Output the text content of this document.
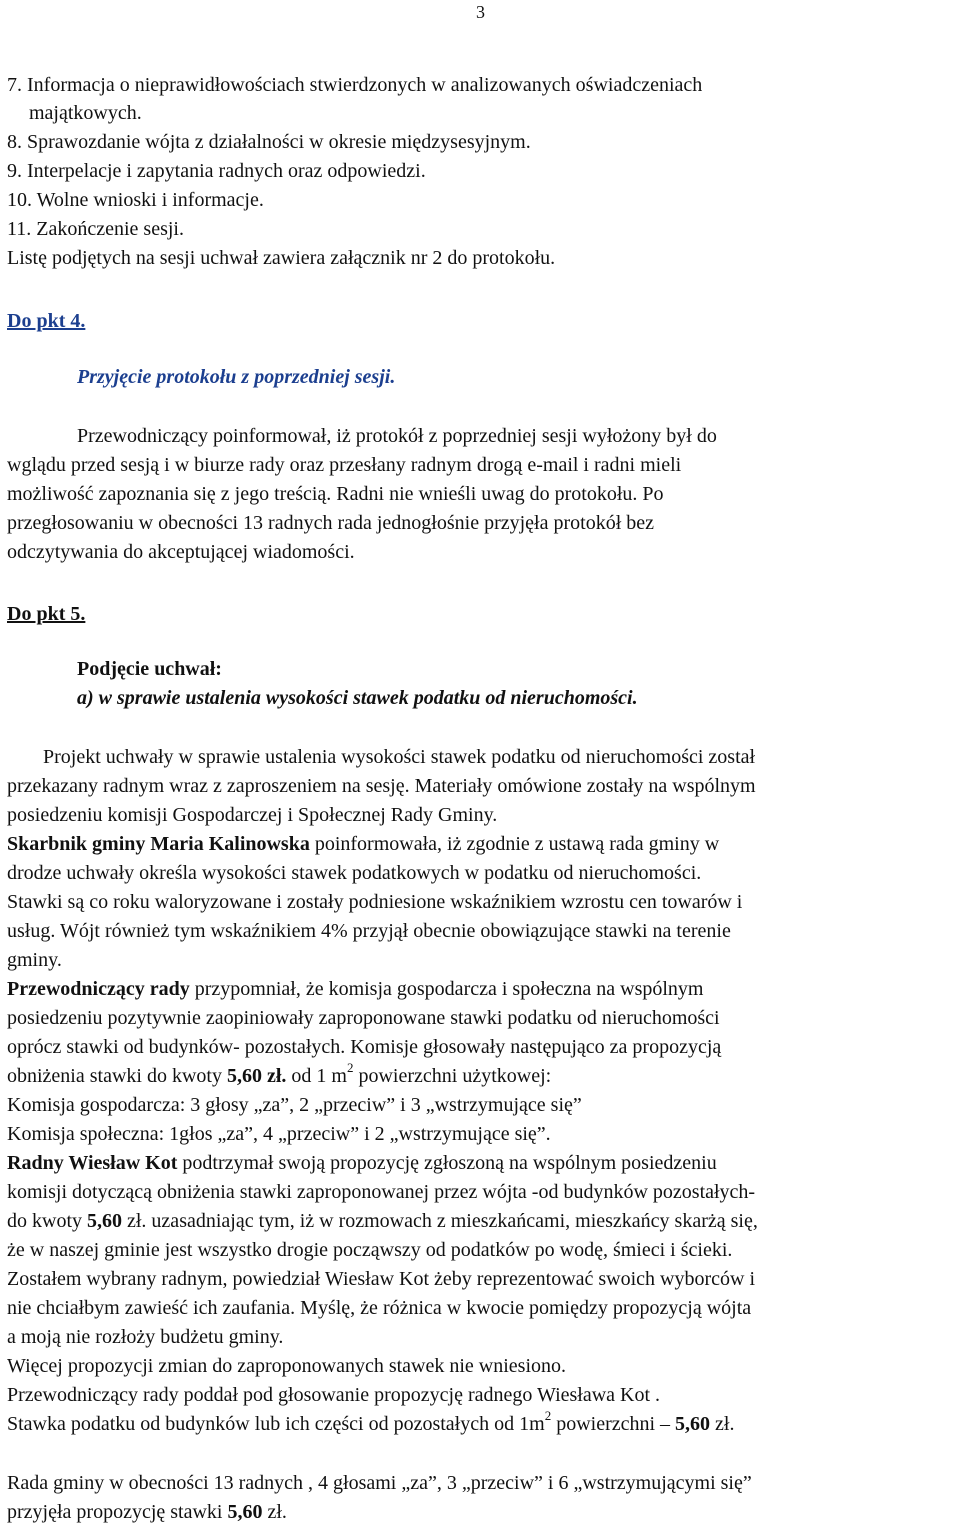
3
7. Informacja o nieprawidłowościach stwierdzonych w analizowanych oświadczeniach
majątkowych.
8. Sprawozdanie wójta z działalności w okresie międzysesyjnym.
9. Interpelacje i zapytania radnych oraz odpowiedzi.
10. Wolne wnioski i informacje.
11. Zakończenie sesji.
Listę podjętych na sesji uchwał zawiera załącznik nr 2 do protokołu.
Do pkt 4.
Przyjęcie protokołu z poprzedniej sesji.
Przewodniczący poinformował, iż protokół z poprzedniej sesji wyłożony był do
wglądu przed sesją i w biurze rady oraz przesłany radnym drogą e-mail i radni mieli
możliwość zapoznania się z jego treścią. Radni nie wnieśli uwag do protokołu. Po
przegłosowaniu w obecności 13 radnych rada jednogłośnie przyjęła protokół bez
odczytywania do akceptującej wiadomości.
Do pkt 5.
Podjęcie uchwał:
a) w sprawie ustalenia wysokości stawek podatku od nieruchomości.
Projekt uchwały w sprawie ustalenia wysokości stawek podatku od nieruchomości został
przekazany radnym wraz z zaproszeniem na sesję. Materiały omówione zostały na wspólnym
posiedzeniu komisji Gospodarczej i Społecznej Rady Gminy.
Skarbnik gminy Maria Kalinowska poinformowała, iż zgodnie z ustawą rada gminy w
drodze uchwały określa wysokości stawek podatkowych w podatku od nieruchomości.
Stawki są co roku waloryzowane i zostały podniesione wskaźnikiem wzrostu cen towarów i
usług. Wójt również tym wskaźnikiem 4% przyjął obecnie obowiązujące stawki na terenie
gminy.
Przewodniczący rady przypomniał, że komisja gospodarcza i społeczna na wspólnym
posiedzeniu pozytywnie zaopiniowały zaproponowane stawki podatku od nieruchomości
oprócz stawki od budynków- pozostałych. Komisje głosowały następująco za propozycją
obniżenia stawki do kwoty 5,60 zł. od 1 $m^2$ powierzchni użytkowej:
Komisja gospodarcza: 3 głosy „za”, 2 „przeciw” i 3 „wstrzymujące się”
Komisja społeczna: 1głos „za”, 4 „przeciw” i 2 „wstrzymujące się”.
Radny Wiesław Kot podtrzymał swoją propozycję zgłoszoną na wspólnym posiedzeniu
komisji dotyczącą obniżenia stawki zaproponowanej przez wójta -od budynków pozostałych-
do kwoty 5,60 zł. uzasadniając tym, iż w rozmowach z mieszkańcami, mieszkańcy skarżą się,
że w naszej gminie jest wszystko drogie począwszy od podatków po wodę, śmieci i ścieki.
Zostałem wybrany radnym, powiedział Wiesław Kot żeby reprezentować swoich wyborców i
nie chciałbym zawieść ich zaufania. Myślę, że różnica w kwocie pomiędzy propozycją wójta
a moją nie rozłoży budżetu gminy.
Więcej propozycji zmian do zaproponowanych stawek nie wniesiono.
Przewodniczący rady poddał pod głosowanie propozycję radnego Wiesława Kot .
Stawka podatku od budynków lub ich części od pozostałych od $1m^2$ powierzchni – 5,60 zł.
Rada gminy w obecności 13 radnych , 4 głosami „za”, 3 „przeciw” i 6 „wstrzymującymi się”
przyjęła propozycję stawki 5,60 zł.
